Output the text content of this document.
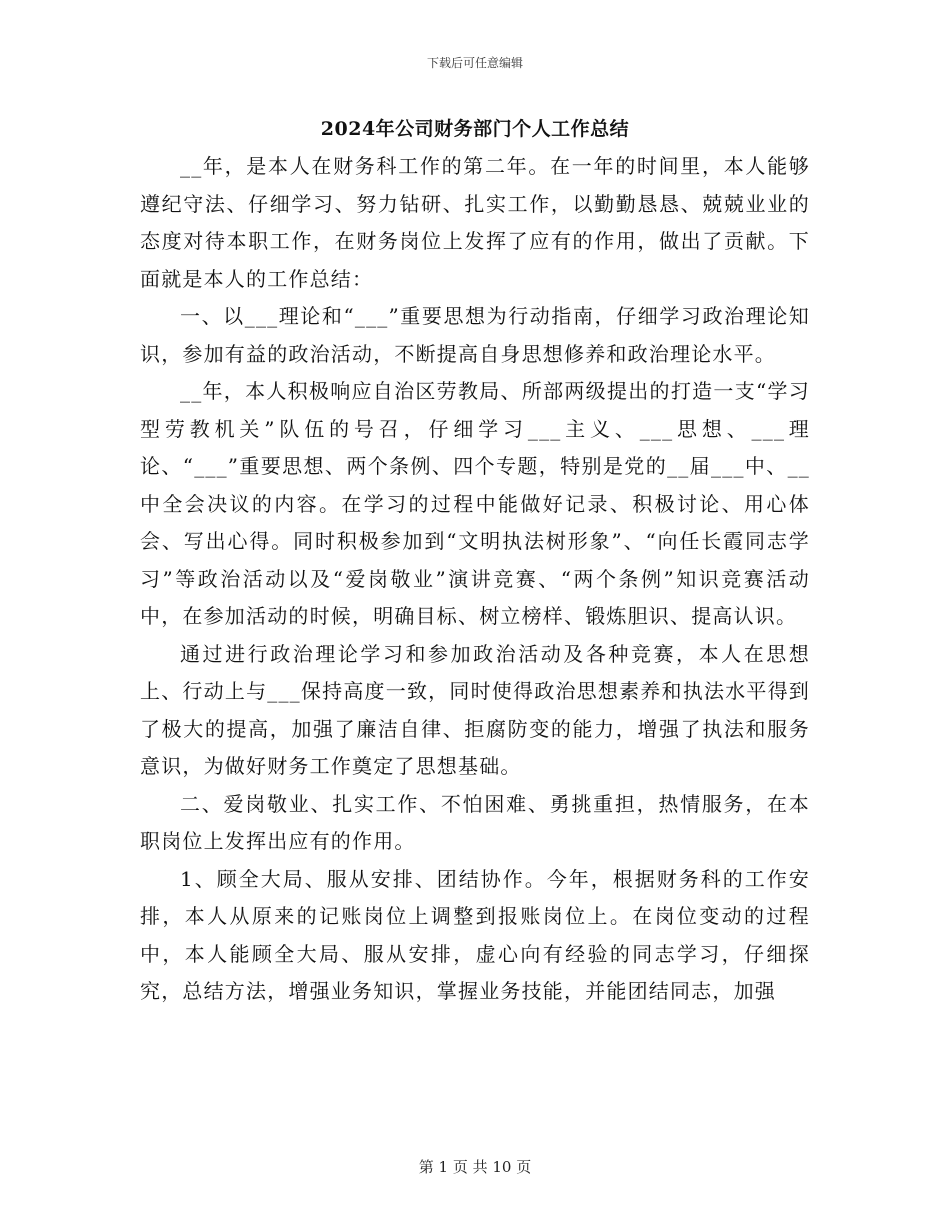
下载后可任意编辑
2024年公司财务部门个人工作总结

__年，是本人在财务科工作的第二年。在一年的时间里，本人能够遵纪守法、仔细学习、努力钻研、扎实工作，以勤勤恳恳、兢兢业业的态度对待本职工作，在财务岗位上发挥了应有的作用，做出了贡献。下面就是本人的工作总结：

一、以___理论和“___”重要思想为行动指南，仔细学习政治理论知识，参加有益的政治活动，不断提高自身思想修养和政治理论水平。

__年，本人积极响应自治区劳教局、所部两级提出的打造一支“学习型劳教机关”队伍的号召，仔细学习___主义、___思想、___理论、“___”重要思想、两个条例、四个专题，特别是党的__届___中、__中全会决议的内容。在学习的过程中能做好记录、积极讨论、用心体会、写出心得。同时积极参加到“文明执法树形象”、“向任长霞同志学习”等政治活动以及“爱岗敬业”演讲竞赛、“两个条例”知识竞赛活动中，在参加活动的时候，明确目标、树立榜样、锻炼胆识、提高认识。

通过进行政治理论学习和参加政治活动及各种竞赛，本人在思想上、行动上与___保持高度一致，同时使得政治思想素养和执法水平得到了极大的提高，加强了廉洁自律、拒腐防变的能力，增强了执法和服务意识，为做好财务工作奠定了思想基础。

二、爱岗敬业、扎实工作、不怕困难、勇挑重担，热情服务，在本职岗位上发挥出应有的作用。

1、顾全大局、服从安排、团结协作。今年，根据财务科的工作安排，本人从原来的记账岗位上调整到报账岗位上。在岗位变动的过程中，本人能顾全大局、服从安排，虚心向有经验的同志学习，仔细探究，总结方法，增强业务知识，掌握业务技能，并能团结同志，加强

第 1 页 共 10 页
